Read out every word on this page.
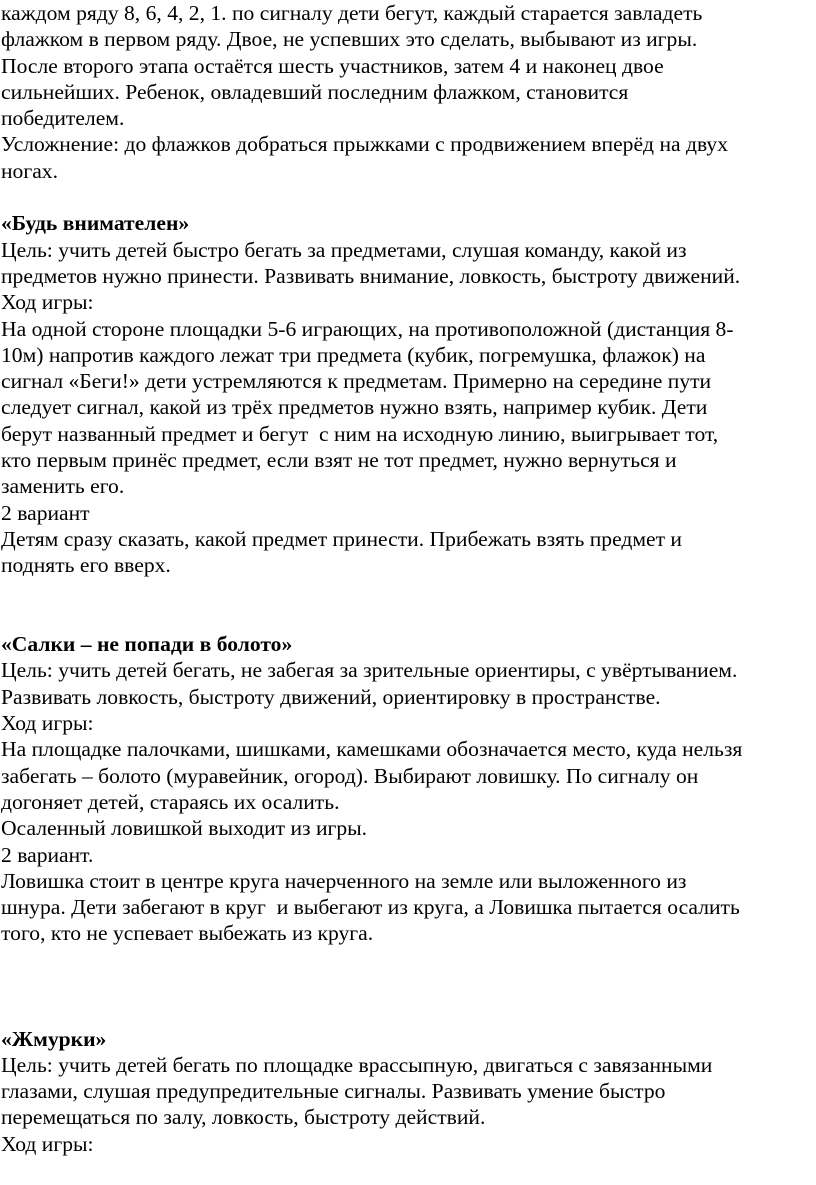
каждом ряду 8, 6, 4, 2, 1. по сигналу дети бегут, каждый старается завладеть
флажком в первом ряду. Двое, не успевших это сделать, выбывают из игры.
После второго этапа остаётся шесть участников, затем 4 и наконец двое
сильнейших. Ребенок, овладевший последним флажком, становится
победителем.
Усложнение: до флажков добраться прыжками с продвижением вперёд на двух
ногах.
«Будь внимателен»
Цель: учить детей быстро бегать за предметами, слушая команду, какой из
предметов нужно принести. Развивать внимание, ловкость, быстроту движений.
Ход игры:
На одной стороне площадки 5-6 играющих, на противоположной (дистанция 8-
10м) напротив каждого лежат три предмета (кубик, погремушка, флажок) на
сигнал «Беги!» дети устремляются к предметам. Примерно на середине пути
следует сигнал, какой из трёх предметов нужно взять, например кубик. Дети
берут названный предмет и бегут  с ним на исходную линию, выигрывает тот,
кто первым принёс предмет, если взят не тот предмет, нужно вернуться и
заменить его.
2 вариант
Детям сразу сказать, какой предмет принести. Прибежать взять предмет и
поднять его вверх.
«Салки – не попади в болото»
Цель: учить детей бегать, не забегая за зрительные ориентиры, с увёртыванием.
Развивать ловкость, быстроту движений, ориентировку в пространстве.
Ход игры:
На площадке палочками, шишками, камешками обозначается место, куда нельзя
забегать – болото (муравейник, огород). Выбирают ловишку. По сигналу он
догоняет детей, стараясь их осалить.
Осаленный ловишкой выходит из игры.
2 вариант.
Ловишка стоит в центре круга начерченного на земле или выложенного из
шнура. Дети забегают в круг  и выбегают из круга, а Ловишка пытается осалить
того, кто не успевает выбежать из круга.
«Жмурки»
Цель: учить детей бегать по площадке врассыпную, двигаться с завязанными
глазами, слушая предупредительные сигналы. Развивать умение быстро
перемещаться по залу, ловкость, быстроту действий.
Ход игры:
